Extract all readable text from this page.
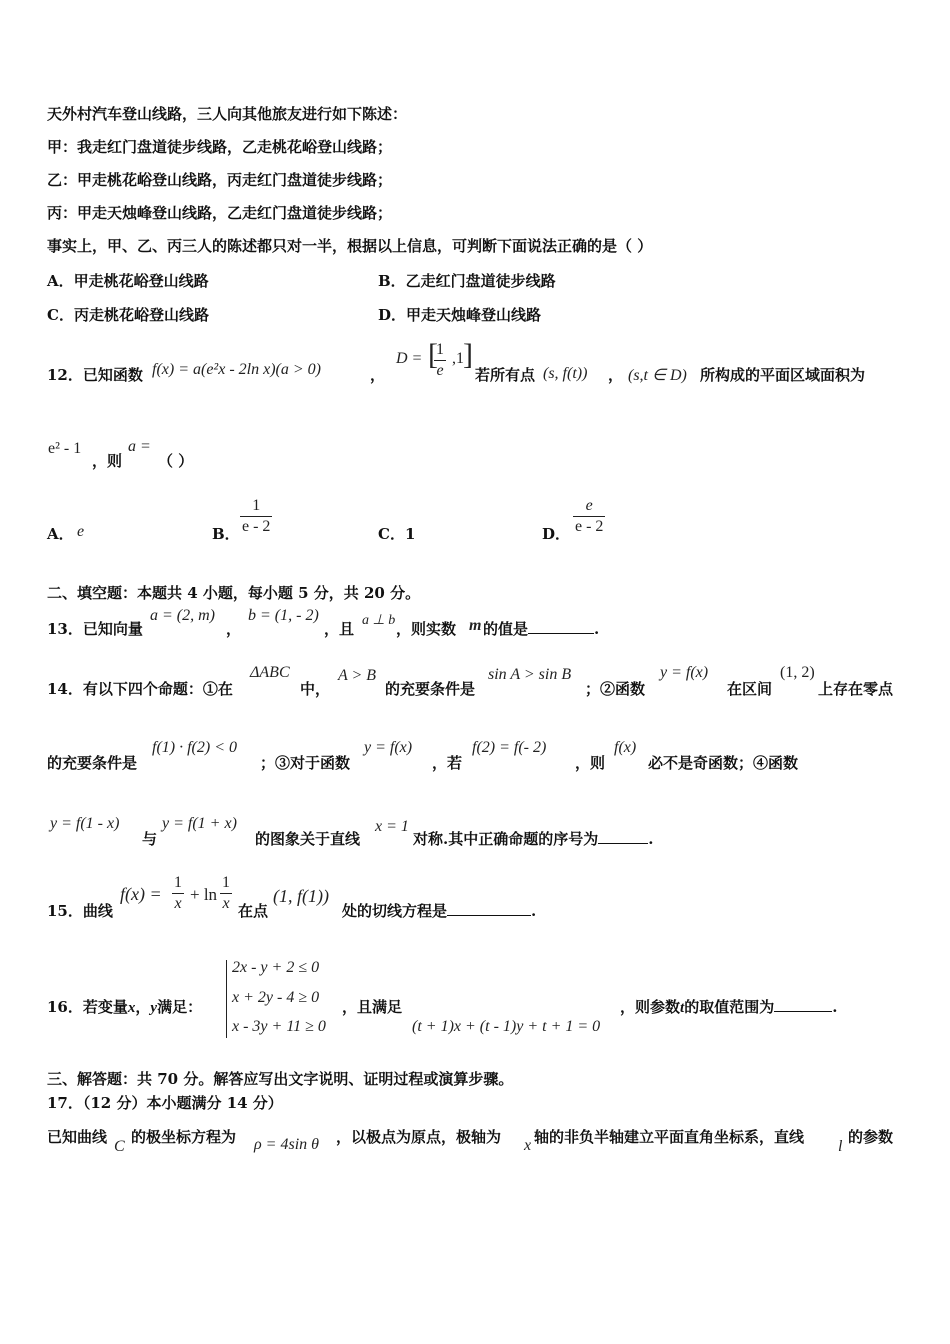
天外村汽车登山线路，三人向其他旅友进行如下陈述：
甲：我走红门盘道徒步线路，乙走桃花峪登山线路；
乙：甲走桃花峪登山线路，丙走红门盘道徒步线路；
丙：甲走天烛峰登山线路，乙走红门盘道徒步线路；
事实上，甲、乙、丙三人的陈述都只对一半，根据以上信息，可判断下面说法正确的是（ ）
A．甲走桃花峪登山线路	B．乙走红门盘道徒步线路
C．丙走桃花峪登山线路	D．甲走天烛峰登山线路
12．已知函数 f(x) = a(e²x - 2ln x)(a > 0)	，
D = [
1
e
,1 ]
若所有点 (s, f(t)) ， (s,t ∈ D) 所构成的平面区域面积为
e² - 1
，则
a =
（ ）
A． e	B．
1
e - 2	C．1	D．
e
e - 2
二、填空题：本题共 4 小题，每小题 5 分，共 20 分。
13．已知向量
a = (2, m)
，
b = (1, - 2)
，且 a ⊥ b ，则实数 m 的值是	.
14．有以下四个命题：①在
ΔABC
中，
A > B
的充要条件是
sin A > sin B
；②函数
y = f(x)
在区间
(1, 2)
上存在零点
的充要条件是
f(1) · f(2) < 0
；③对于函数
y = f(x)
，若
f(2) = f(- 2)
，则
f(x)
必不是奇函数；④函数
y = f(1 - x)
与
y = f(1 + x)
的图象关于直线
x = 1
对称.其中正确命题的序号为	.
15．曲线
f(x) =
1
x + ln
1
x 在点
(1, f(1))
处的切线方程是	.
16．若变量x，y满足：
2x - y + 2 ≤ 0
x + 2y - 4 ≥ 0
x - 3y + 11 ≥ 0
，且满足
(t + 1)x + (t - 1)y + t + 1 = 0
，则参数t的取值范围为	.
三、解答题：共 70 分。解答应写出文字说明、证明过程或演算步骤。
17．（12 分）本小题满分 14 分）
已知曲线
C
的极坐标方程为 ρ = 4sin θ ，以极点为原点，极轴为 x 轴的非负半轴建立平面直角坐标系，直线
l
的参数
